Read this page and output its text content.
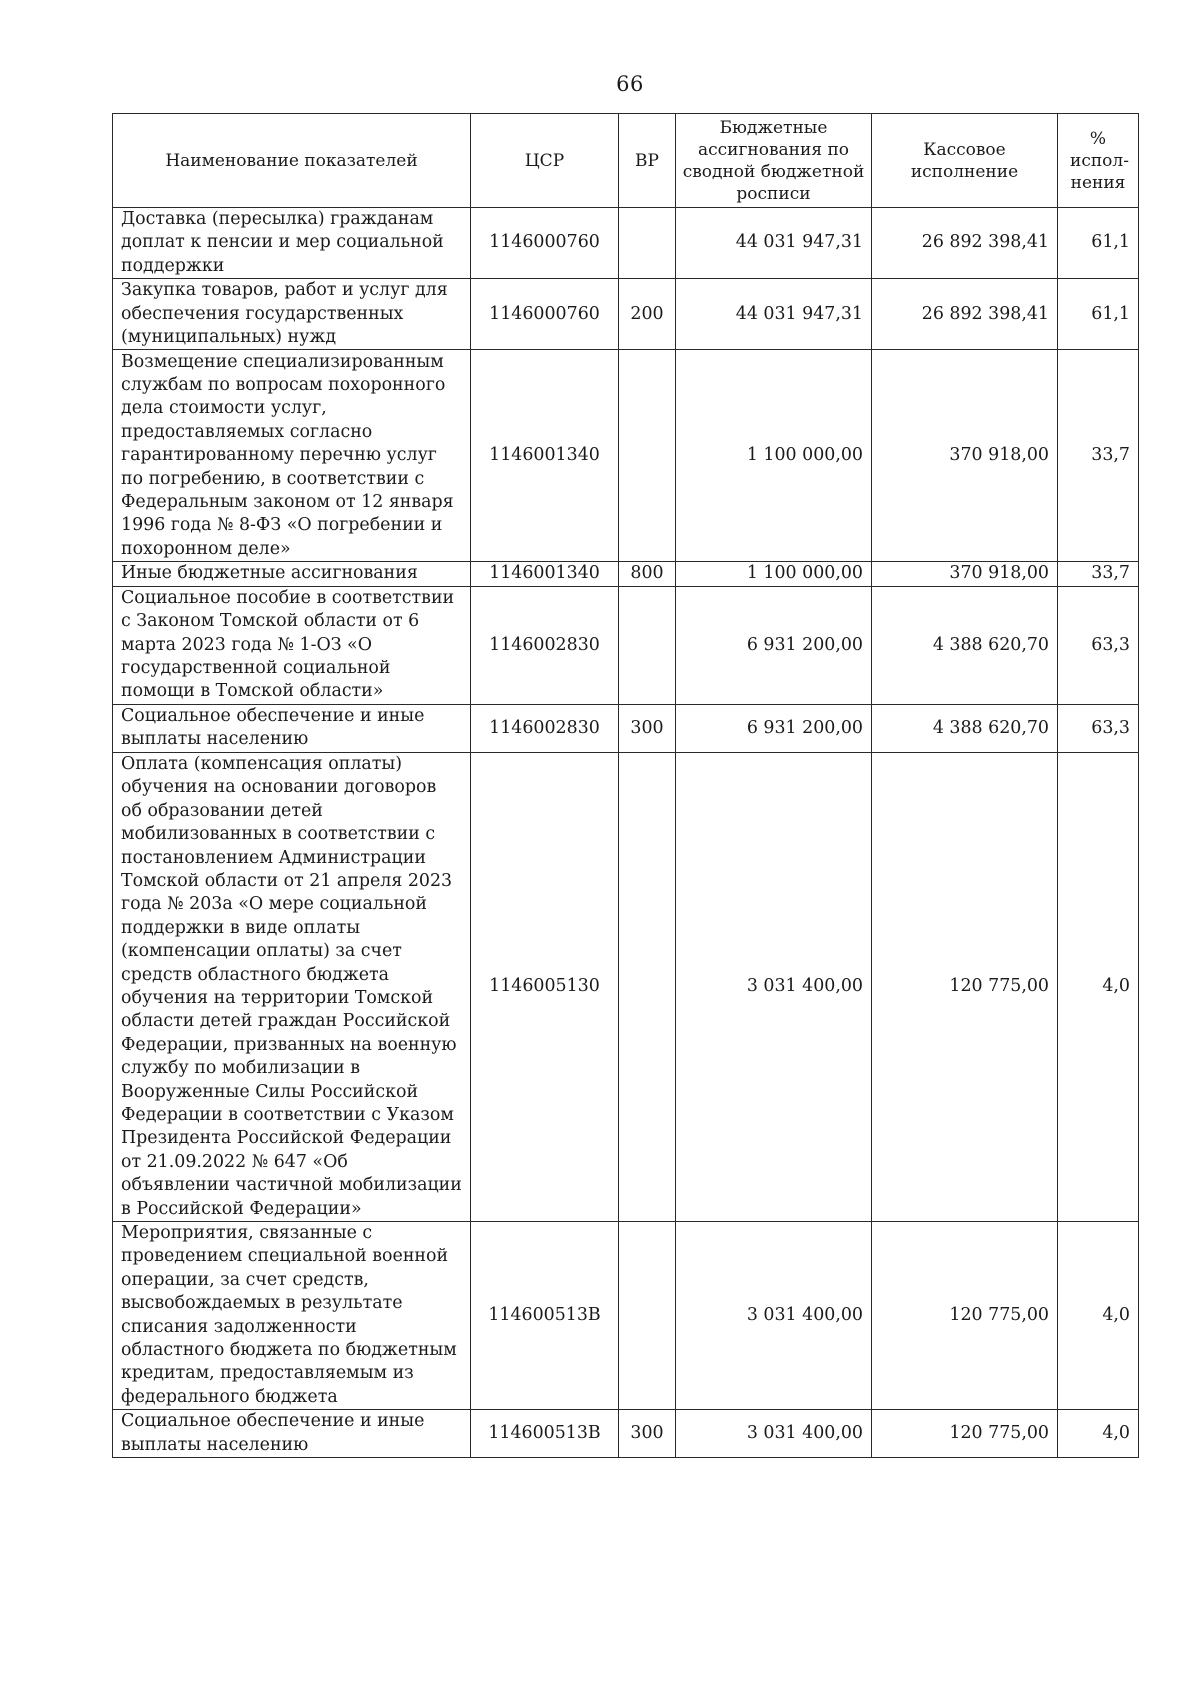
66
Наименование показателей	ЦСР	ВР	Бюджетные ассигнования по сводной бюджетной росписи	Кассовое исполнение	% испол-нения
Доставка (пересылка) гражданам доплат к пенсии и мер социальной поддержки	1146000760		44 031 947,31	26 892 398,41	61,1
Закупка товаров, работ и услуг для обеспечения государственных (муниципальных) нужд	1146000760	200	44 031 947,31	26 892 398,41	61,1
Возмещение специализированным службам по вопросам похоронного дела стоимости услуг, предоставляемых согласно гарантированному перечню услуг по погребению, в соответствии с Федеральным законом от 12 января 1996 года № 8-ФЗ «О погребении и похоронном деле»	1146001340		1 100 000,00	370 918,00	33,7
Иные бюджетные ассигнования	1146001340	800	1 100 000,00	370 918,00	33,7
Социальное пособие в соответствии с Законом Томской области от 6 марта 2023 года № 1-ОЗ «О государственной социальной помощи в Томской области»	1146002830		6 931 200,00	4 388 620,70	63,3
Социальное обеспечение и иные выплаты населению	1146002830	300	6 931 200,00	4 388 620,70	63,3
Оплата (компенсация оплаты) обучения на основании договоров об образовании детей мобилизованных в соответствии с постановлением Администрации Томской области от 21 апреля 2023 года № 203а «О мере социальной поддержки в виде оплаты (компенсации оплаты) за счет средств областного бюджета обучения на территории Томской области детей граждан Российской Федерации, призванных на военную службу по мобилизации в Вооруженные Силы Российской Федерации в соответствии с Указом Президента Российской Федерации от 21.09.2022 № 647 «Об объявлении частичной мобилизации в Российской Федерации»	1146005130		3 031 400,00	120 775,00	4,0
Мероприятия, связанные с проведением специальной военной операции, за счет средств, высвобождаемых в результате списания задолженности областного бюджета по бюджетным кредитам, предоставляемым из федерального бюджета	114600513В		3 031 400,00	120 775,00	4,0
Социальное обеспечение и иные выплаты населению	114600513В	300	3 031 400,00	120 775,00	4,0
